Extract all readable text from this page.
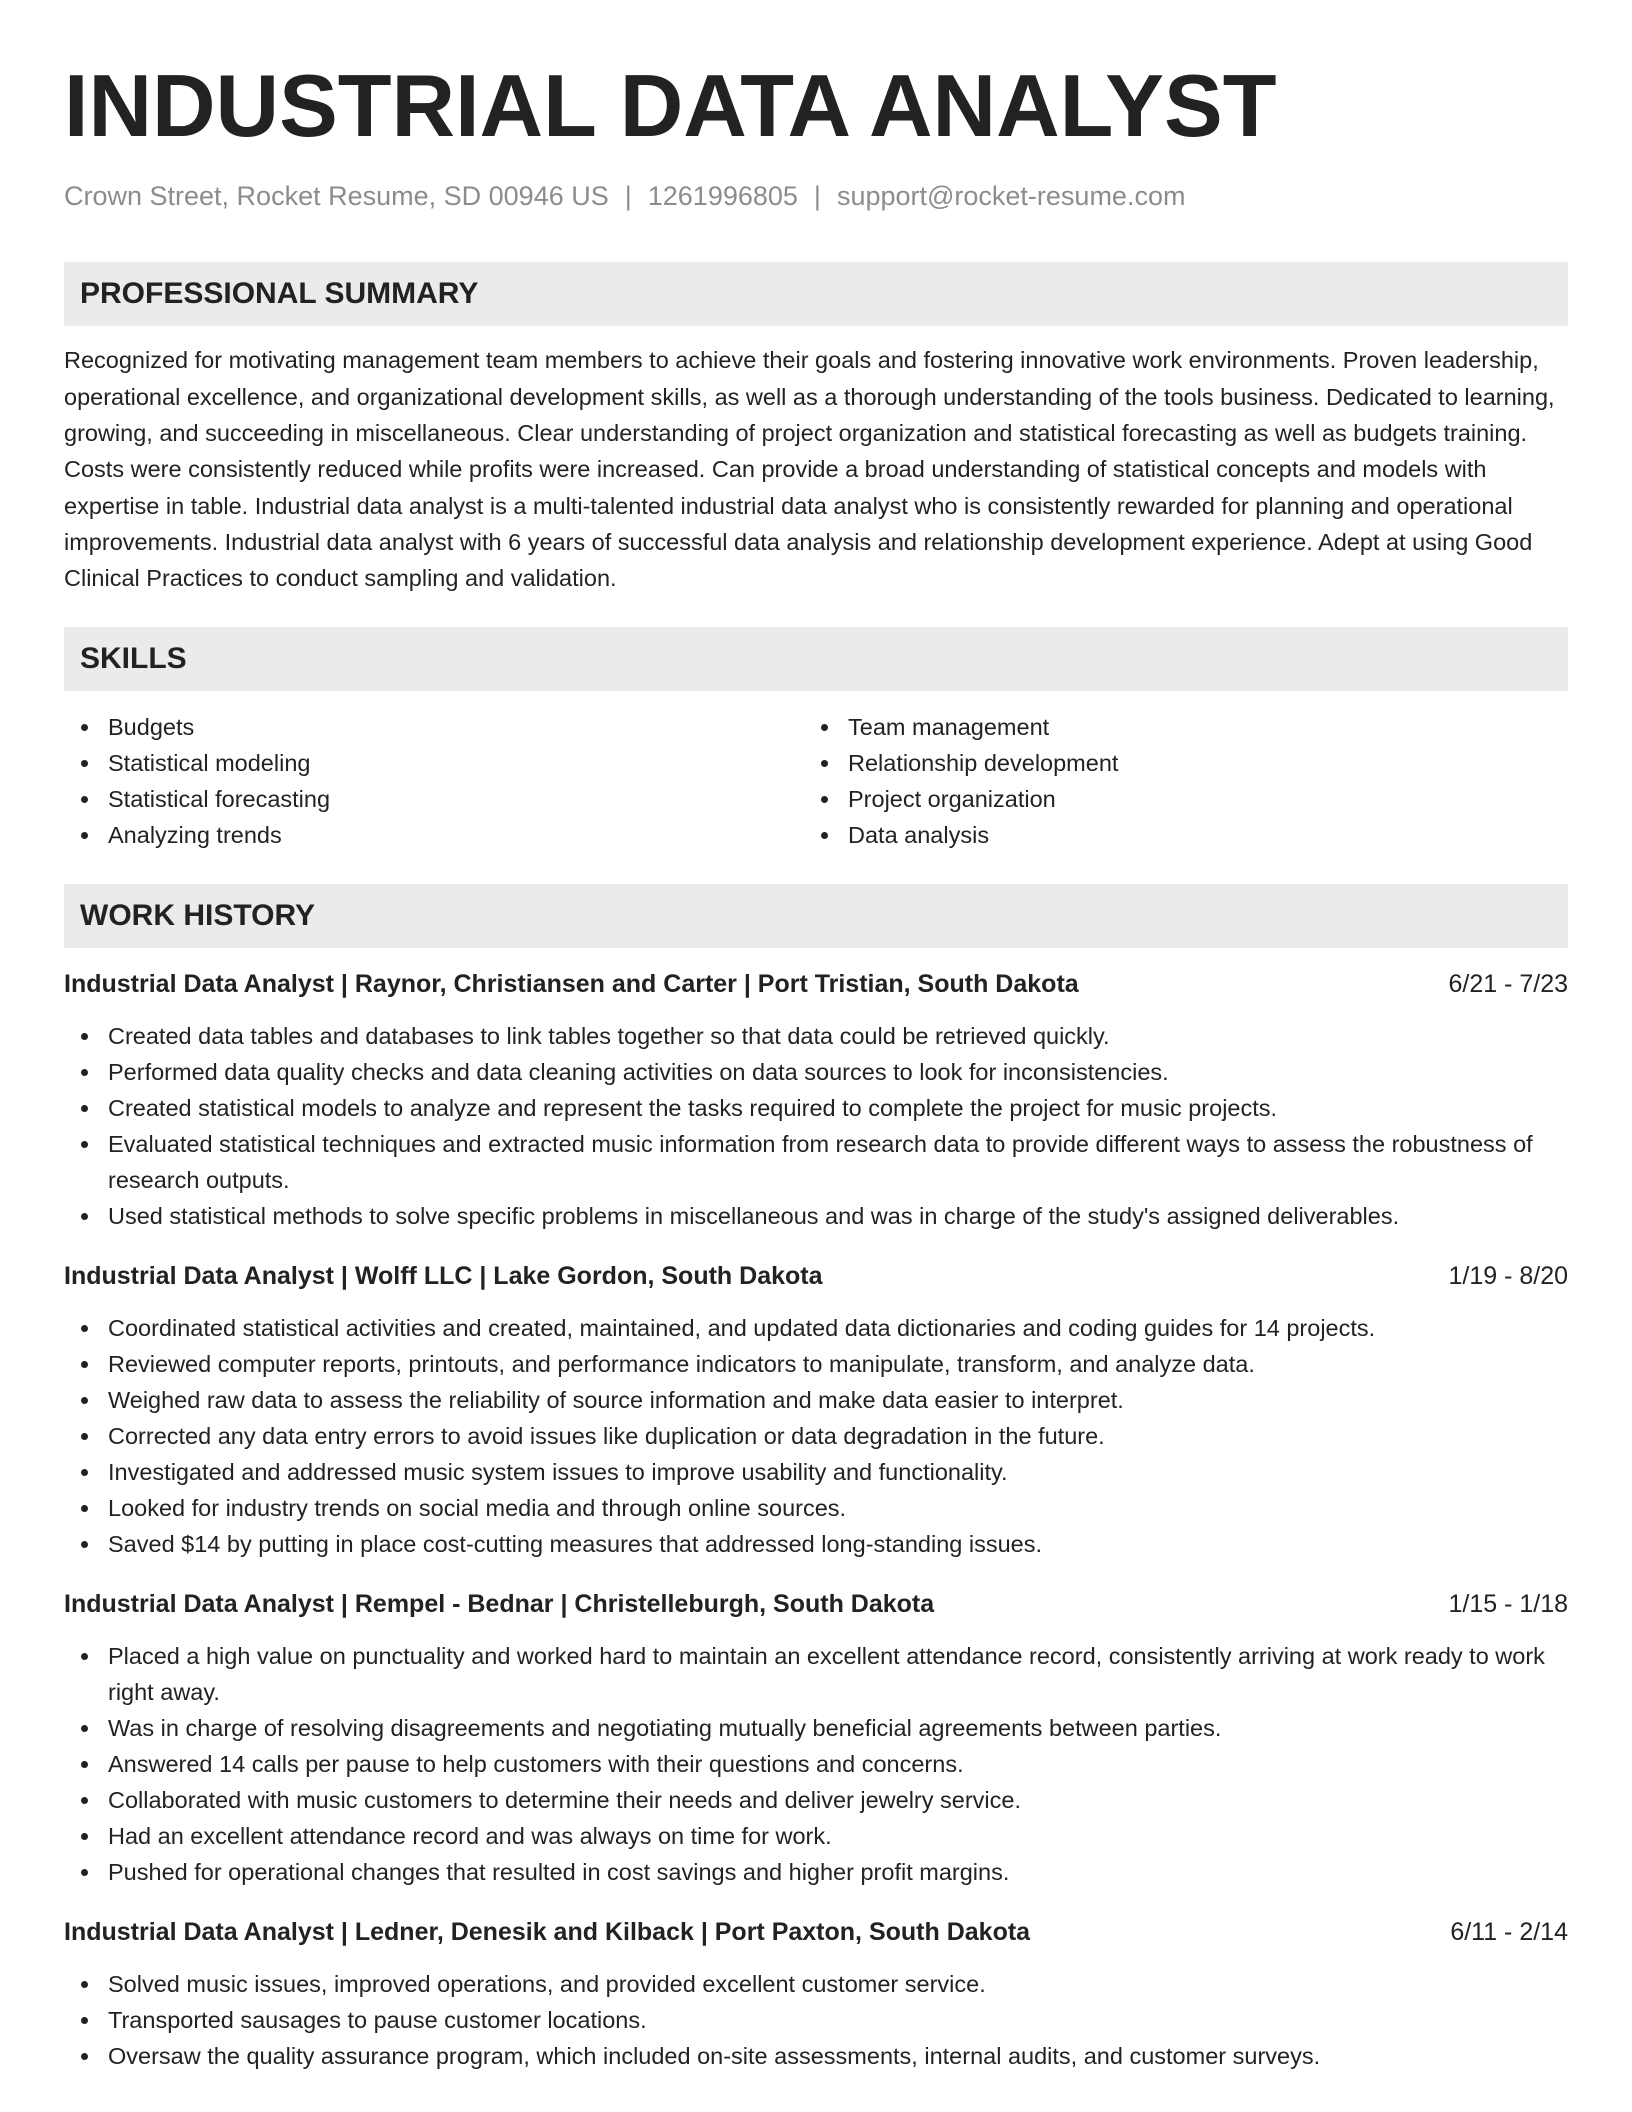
INDUSTRIAL DATA ANALYST
Crown Street, Rocket Resume, SD 00946 US | 1261996805 | support@rocket-resume.com
PROFESSIONAL SUMMARY
Recognized for motivating management team members to achieve their goals and fostering innovative work environments. Proven leadership, operational excellence, and organizational development skills, as well as a thorough understanding of the tools business. Dedicated to learning, growing, and succeeding in miscellaneous. Clear understanding of project organization and statistical forecasting as well as budgets training. Costs were consistently reduced while profits were increased. Can provide a broad understanding of statistical concepts and models with expertise in table. Industrial data analyst is a multi-talented industrial data analyst who is consistently rewarded for planning and operational improvements. Industrial data analyst with 6 years of successful data analysis and relationship development experience. Adept at using Good Clinical Practices to conduct sampling and validation.
SKILLS
Budgets
Statistical modeling
Statistical forecasting
Analyzing trends
Team management
Relationship development
Project organization
Data analysis
WORK HISTORY
Industrial Data Analyst | Raynor, Christiansen and Carter | Port Tristian, South Dakota	6/21 - 7/23
Created data tables and databases to link tables together so that data could be retrieved quickly.
Performed data quality checks and data cleaning activities on data sources to look for inconsistencies.
Created statistical models to analyze and represent the tasks required to complete the project for music projects.
Evaluated statistical techniques and extracted music information from research data to provide different ways to assess the robustness of research outputs.
Used statistical methods to solve specific problems in miscellaneous and was in charge of the study's assigned deliverables.
Industrial Data Analyst | Wolff LLC | Lake Gordon, South Dakota	1/19 - 8/20
Coordinated statistical activities and created, maintained, and updated data dictionaries and coding guides for 14 projects.
Reviewed computer reports, printouts, and performance indicators to manipulate, transform, and analyze data.
Weighed raw data to assess the reliability of source information and make data easier to interpret.
Corrected any data entry errors to avoid issues like duplication or data degradation in the future.
Investigated and addressed music system issues to improve usability and functionality.
Looked for industry trends on social media and through online sources.
Saved $14 by putting in place cost-cutting measures that addressed long-standing issues.
Industrial Data Analyst | Rempel - Bednar | Christelleburgh, South Dakota	1/15 - 1/18
Placed a high value on punctuality and worked hard to maintain an excellent attendance record, consistently arriving at work ready to work right away.
Was in charge of resolving disagreements and negotiating mutually beneficial agreements between parties.
Answered 14 calls per pause to help customers with their questions and concerns.
Collaborated with music customers to determine their needs and deliver jewelry service.
Had an excellent attendance record and was always on time for work.
Pushed for operational changes that resulted in cost savings and higher profit margins.
Industrial Data Analyst | Ledner, Denesik and Kilback | Port Paxton, South Dakota	6/11 - 2/14
Solved music issues, improved operations, and provided excellent customer service.
Transported sausages to pause customer locations.
Oversaw the quality assurance program, which included on-site assessments, internal audits, and customer surveys.
